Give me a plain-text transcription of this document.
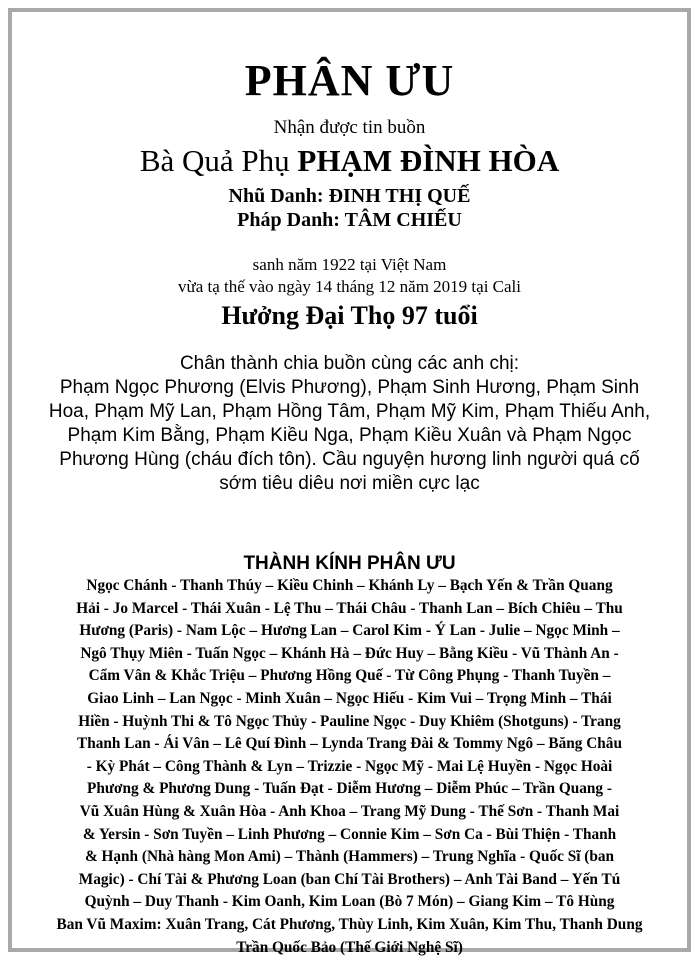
PHÂN ƯU
Nhận được tin buồn
Bà Quả Phụ PHẠM ĐÌNH HÒA
Nhũ Danh: ĐINH THỊ QUẾ
Pháp Danh: TÂM CHIẾU
sanh năm 1922 tại Việt Nam
vừa tạ thế vào ngày 14 tháng 12 năm 2019 tại Cali
Hưởng Đại Thọ 97 tuổi

Chân thành chia buồn cùng các anh chị:

Phạm Ngọc Phương (Elvis Phương), Phạm Sinh Hương, Phạm Sinh

Hoa, Phạm Mỹ Lan, Phạm Hồng Tâm, Phạm Mỹ Kim, Phạm Thiếu Anh,

Phạm Kim Bằng, Phạm Kiều Nga, Phạm Kiều Xuân và Phạm Ngọc

Phương Hùng (cháu đích tôn). Cầu nguyện hương linh người quá cố

sớm tiêu diêu nơi miền cực lạc

THÀNH KÍNH PHÂN ƯU

Ngọc Chánh - Thanh Thúy – Kiều Chinh – Khánh Ly – Bạch Yến & Trần Quang

Hải - Jo Marcel - Thái Xuân - Lệ Thu – Thái Châu - Thanh Lan – Bích Chiêu – Thu

Hương (Paris) - Nam Lộc – Hương Lan – Carol Kim - Ý Lan - Julie – Ngọc Minh –

Ngô Thụy Miên - Tuấn Ngọc – Khánh Hà – Đức Huy – Bằng Kiều - Vũ Thành An -

Cẩm Vân & Khắc Triệu – Phương Hồng Quế - Từ Công Phụng - Thanh Tuyền –

Giao Linh – Lan Ngọc - Minh Xuân – Ngọc Hiếu - Kim Vui – Trọng Minh – Thái

Hiền - Huỳnh Thi & Tô Ngọc Thủy - Pauline Ngọc - Duy Khiêm (Shotguns) - Trang

Thanh Lan - Ái Vân – Lê Quí Đình – Lynda Trang Đài & Tommy Ngô – Băng Châu

- Kỳ Phát – Công Thành & Lyn – Trizzie - Ngọc Mỹ - Mai Lệ Huyền - Ngọc Hoài

Phương & Phương Dung - Tuấn Đạt - Diễm Hương – Diễm Phúc – Trần Quang -

Vũ Xuân Hùng & Xuân Hòa - Anh Khoa – Trang Mỹ Dung - Thế Sơn - Thanh Mai

& Yersin - Sơn Tuyền – Linh Phương – Connie Kim – Sơn Ca - Bùi Thiện - Thanh

& Hạnh (Nhà hàng Mon Ami) – Thành (Hammers) – Trung Nghĩa - Quốc Sĩ (ban

Magic) - Chí Tài & Phương Loan (ban Chí Tài Brothers) – Anh Tài Band – Yến Tú

Quỳnh – Duy Thanh - Kim Oanh, Kim Loan (Bò 7 Món) – Giang Kim – Tô Hùng

Ban Vũ Maxim: Xuân Trang, Cát Phương, Thùy Linh, Kim Xuân, Kim Thu, Thanh Dung

Trần Quốc Bảo (Thế Giới Nghệ Sĩ)
